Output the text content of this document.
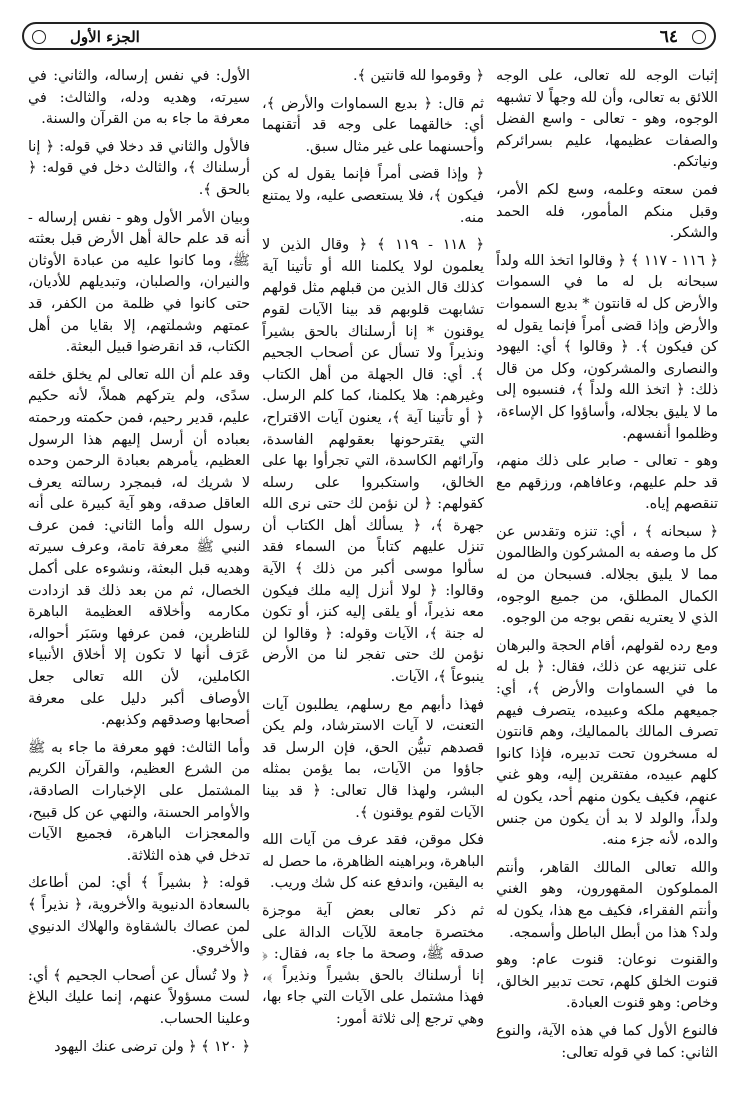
٦٤
الجزء الأول

إثبات الوجه لله تعالى، على الوجه اللائق به تعالى، وأن لله وجهاً لا تشبهه الوجوه، وهو - تعالى - واسع الفضل والصفات عظيمها، عليم بسرائركم ونياتكم.

فمن سعته وعلمه، وسع لكم الأمر، وقبل منكم المأمور، فله الحمد والشكر.

﴿ ١١٦ - ١١٧ ﴾ ﴿ وقالوا اتخذ الله ولداً سبحانه بل له ما في السموات والأرض كل له قانتون * بديع السموات والأرض وإذا قضى أمراً فإنما يقول له كن فيكون ﴾. ﴿ وقالوا ﴾ أي: اليهود والنصارى والمشركون، وكل من قال ذلك: ﴿ اتخذ الله ولداً ﴾، فنسبوه إلى ما لا يليق بجلاله، وأساؤوا كل الإساءة، وظلموا أنفسهم.

وهو - تعالى - صابر على ذلك منهم، قد حلم عليهم، وعافاهم، ورزقهم مع تنقصهم إياه.

﴿ سبحانه ﴾ ، أي: تنزه وتقدس عن كل ما وصفه به المشركون والظالمون مما لا يليق بجلاله. فسبحان من له الكمال المطلق، من جميع الوجوه، الذي لا يعتريه نقص بوجه من الوجوه.

ومع رده لقولهم، أقام الحجة والبرهان على تنزيهه عن ذلك، فقال: ﴿ بل له ما في السماوات والأرض ﴾، أي: جميعهم ملكه وعبيده، يتصرف فيهم تصرف المالك بالمماليك، وهم قانتون له مسخرون تحت تدبيره، فإذا كانوا كلهم عبيده، مفتقرين إليه، وهو غني عنهم، فكيف يكون منهم أحد، يكون له ولداً، والولد لا بد أن يكون من جنس والده، لأنه جزء منه.

والله تعالى المالك القاهر، وأنتم المملوكون المقهورون، وهو الغني وأنتم الفقراء، فكيف مع هذا، يكون له ولد؟ هذا من أبطل الباطل وأسمجه.

والقنوت نوعان: قنوت عام: وهو قنوت الخلق كلهم، تحت تدبير الخالق، وخاص: وهو قنوت العبادة.

فالنوع الأول كما في هذه الآية، والنوع الثاني: كما في قوله تعالى:

﴿ وقوموا لله قانتين ﴾.

ثم قال: ﴿ بديع السماوات والأرض ﴾، أي: خالقهما على وجه قد أتقنهما وأحسنهما على غير مثال سبق.

﴿ وإذا قضى أمراً فإنما يقول له كن فيكون ﴾، فلا يستعصى عليه، ولا يمتنع منه.

﴿ ١١٨ - ١١٩ ﴾ ﴿ وقال الذين لا يعلمون لولا يكلمنا الله أو تأتينا آية كذلك قال الذين من قبلهم مثل قولهم تشابهت قلوبهم قد بينا الآيات لقوم يوقنون * إنا أرسلناك بالحق بشيراً ونذيراً ولا تسأل عن أصحاب الجحيم ﴾. أي: قال الجهلة من أهل الكتاب وغيرهم: هلا يكلمنا، كما كلم الرسل. ﴿ أو تأتينا آية ﴾، يعنون آيات الاقتراح، التي يقترحونها بعقولهم الفاسدة، وآرائهم الكاسدة، التي تجرأوا بها على الخالق، واستكبروا على رسله كقولهم: ﴿ لن نؤمن لك حتى نرى الله جهرة ﴾، ﴿ يسألك أهل الكتاب أن تنزل عليهم كتاباً من السماء فقد سألوا موسى أكبر من ذلك ﴾ الآية وقالوا: ﴿ لولا أنزل إليه ملك فيكون معه نذيراً، أو يلقى إليه كنز، أو تكون له جنة ﴾، الآيات وقوله: ﴿ وقالوا لن نؤمن لك حتى تفجر لنا من الأرض ينبوعاً ﴾، الآيات.

فهذا دأبهم مع رسلهم، يطلبون آيات التعنت، لا آيات الاسترشاد، ولم يكن قصدهم تبيُّن الحق، فإن الرسل قد جاؤوا من الآيات، بما يؤمن بمثله البشر، ولهذا قال تعالى: ﴿ قد بينا الآيات لقوم يوقنون ﴾.

فكل موقن، فقد عرف من آيات الله الباهرة، وبراهينه الظاهرة، ما حصل له به اليقين، واندفع عنه كل شك وريب.

ثم ذكر تعالى بعض آية موجزة مختصرة جامعة للآيات الدالة على صدقه ﷺ، وصحة ما جاء به، فقال: ﴿ إنا أرسلناك بالحق بشيراً ونذيراً ﴾، فهذا مشتمل على الآيات التي جاء بها، وهي ترجع إلى ثلاثة أمور:

الأول: في نفس إرساله، والثاني: في سيرته، وهديه ودله، والثالث: في معرفة ما جاء به من القرآن والسنة.

فالأول والثاني قد دخلا في قوله: ﴿ إنا أرسلناك ﴾، والثالث دخل في قوله: ﴿ بالحق ﴾.

وبيان الأمر الأول وهو - نفس إرساله - أنه قد علم حالة أهل الأرض قبل بعثته ﷺ، وما كانوا عليه من عبادة الأوثان والنيران، والصلبان، وتبديلهم للأديان، حتى كانوا في ظلمة من الكفر، قد عمتهم وشملتهم، إلا بقايا من أهل الكتاب، قد انقرضوا قبيل البعثة.

وقد علم أن الله تعالى لم يخلق خلقه سدًى، ولم يتركهم هملاً، لأنه حكيم عليم، قدير رحيم، فمن حكمته ورحمته بعباده أن أرسل إليهم هذا الرسول العظيم، يأمرهم بعبادة الرحمن وحده لا شريك له، فبمجرد رسالته يعرف العاقل صدقه، وهو آية كبيرة على أنه رسول الله وأما الثاني: فمن عرف النبي ﷺ معرفة تامة، وعرف سيرته وهديه قبل البعثة، ونشوءه على أكمل الخصال، ثم من بعد ذلك قد ازدادت مكارمه وأخلاقه العظيمة الباهرة للناظرين، فمن عرفها وسَبَر أحواله، عَرَف أنها لا تكون إلا أخلاق الأنبياء الكاملين، لأن الله تعالى جعل الأوصاف أكبر دليل على معرفة أصحابها وصدقهم وكذبهم.

وأما الثالث: فهو معرفة ما جاء به ﷺ من الشرع العظيم، والقرآن الكريم المشتمل على الإخبارات الصادقة، والأوامر الحسنة، والنهي عن كل قبيح، والمعجزات الباهرة، فجميع الآيات تدخل في هذه الثلاثة.

قوله: ﴿ بشيراً ﴾ أي: لمن أطاعك بالسعادة الدنيوية والأخروية، ﴿ نذيراً ﴾ لمن عصاك بالشقاوة والهلاك الدنيوي والأخروي.

﴿ ولا تُسأل عن أصحاب الجحيم ﴾ أي: لست مسؤولاً عنهم، إنما عليك البلاغ وعلينا الحساب.

﴿ ١٢٠ ﴾ ﴿ ولن ترضى عنك اليهود
